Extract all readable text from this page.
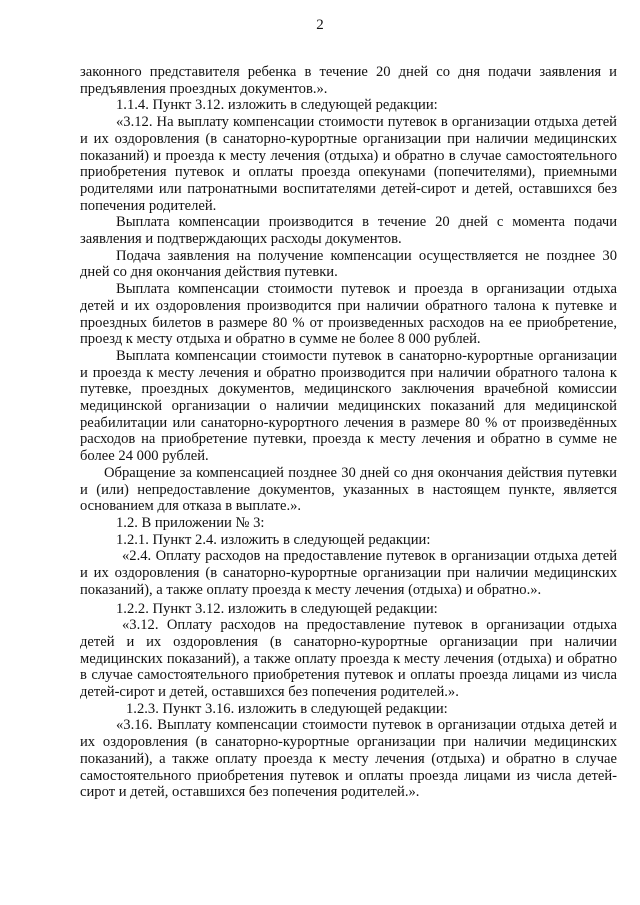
2

законного представителя ребенка в течение 20 дней со дня подачи заявления и предъявления проездных документов.».

1.1.4. Пункт 3.12. изложить в следующей редакции:

«3.12. На выплату компенсации стоимости путевок в организации отдыха детей и их оздоровления (в санаторно-курортные организации при наличии медицинских показаний) и проезда к месту лечения (отдыха) и обратно в случае самостоятельного приобретения путевок и оплаты проезда опекунами (попечителями), приемными родителями или патронатными воспитателями детей-сирот и детей, оставшихся без попечения родителей.

Выплата компенсации производится в течение 20 дней с момента подачи заявления и подтверждающих расходы документов.

Подача заявления на получение компенсации осуществляется не позднее 30 дней со дня окончания действия путевки.

Выплата компенсации стоимости путевок и проезда в организации отдыха детей и их оздоровления производится при наличии обратного талона к путевке и проездных билетов в размере 80 % от произведенных расходов на ее приобретение, проезд к месту отдыха и обратно в сумме не более 8 000 рублей.

Выплата компенсации стоимости путевок в санаторно-курортные организации и проезда к месту лечения и обратно производится при наличии обратного талона к путевке, проездных документов, медицинского заключения врачебной комиссии медицинской организации о наличии медицинских показаний для медицинской реабилитации или санаторно-курортного лечения в размере 80 % от произведённых расходов на приобретение путевки, проезда к месту лечения и обратно в сумме не более 24 000 рублей.

Обращение за компенсацией позднее 30 дней со дня окончания действия путевки и (или) непредоставление документов, указанных в настоящем пункте, является основанием для отказа в выплате.».

1.2. В приложении № 3:

1.2.1. Пункт 2.4. изложить в следующей редакции:

«2.4. Оплату расходов на предоставление путевок в организации отдыха детей и их оздоровления (в санаторно-курортные организации при наличии медицинских показаний), а также оплату проезда к месту лечения (отдыха) и обратно.».

1.2.2. Пункт 3.12. изложить в следующей редакции:

«3.12. Оплату расходов на предоставление путевок в организации отдыха детей и их оздоровления (в санаторно-курортные организации при наличии медицинских показаний), а также оплату проезда к месту лечения (отдыха) и обратно в случае самостоятельного приобретения путевок и оплаты проезда лицами из числа детей-сирот и детей, оставшихся без попечения родителей.».

1.2.3. Пункт 3.16. изложить в следующей редакции:

«3.16. Выплату компенсации стоимости путевок в организации отдыха детей и их оздоровления (в санаторно-курортные организации при наличии медицинских показаний), а также оплату проезда к месту лечения (отдыха) и обратно в случае самостоятельного приобретения путевок и оплаты проезда лицами из числа детей-сирот и детей, оставшихся без попечения родителей.».
